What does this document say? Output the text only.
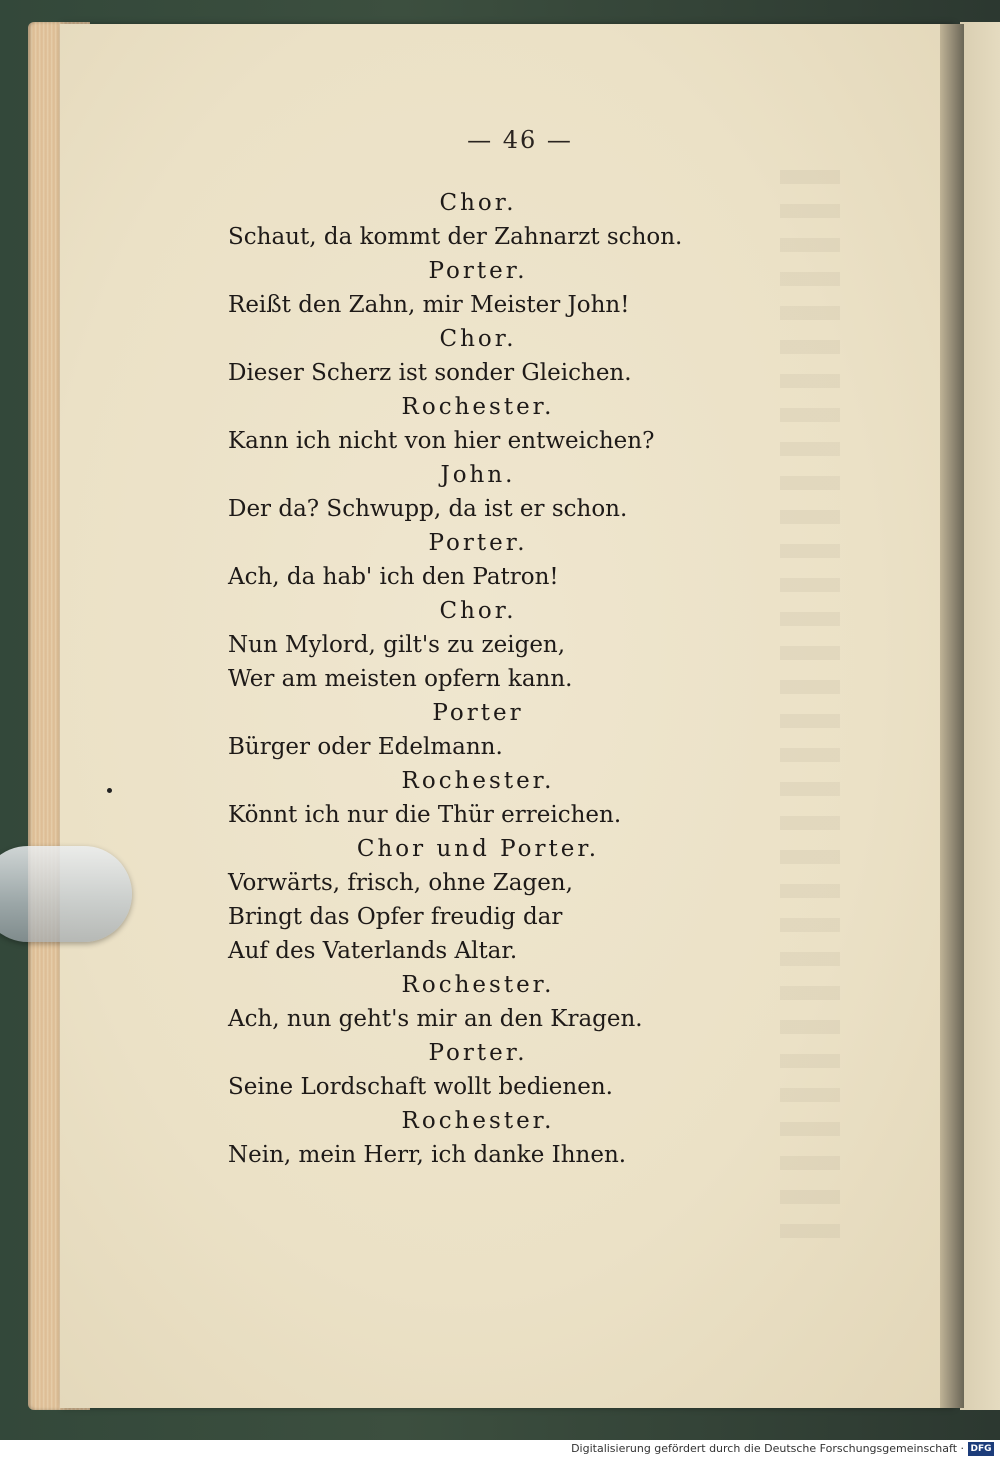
— 46 —
Chor.
Schaut, da kommt der Zahnarzt schon.
Porter.
Reißt den Zahn, mir Meister John!
Chor.
Dieser Scherz ist sonder Gleichen.
Rochester.
Kann ich nicht von hier entweichen?
John.
Der da? Schwupp, da ist er schon.
Porter.
Ach, da hab' ich den Patron!
Chor.
Nun Mylord, gilt's zu zeigen,
Wer am meisten opfern kann.
Porter
Bürger oder Edelmann.
Rochester.
Könnt ich nur die Thür erreichen.
Chor und Porter.
Vorwärts, frisch, ohne Zagen,
Bringt das Opfer freudig dar
Auf des Vaterlands Altar.
Rochester.
Ach, nun geht's mir an den Kragen.
Porter.
Seine Lordschaft wollt bedienen.
Rochester.
Nein, mein Herr, ich danke Ihnen.
Digitalisierung gefördert durch die Deutsche Forschungsgemeinschaft · DFG
